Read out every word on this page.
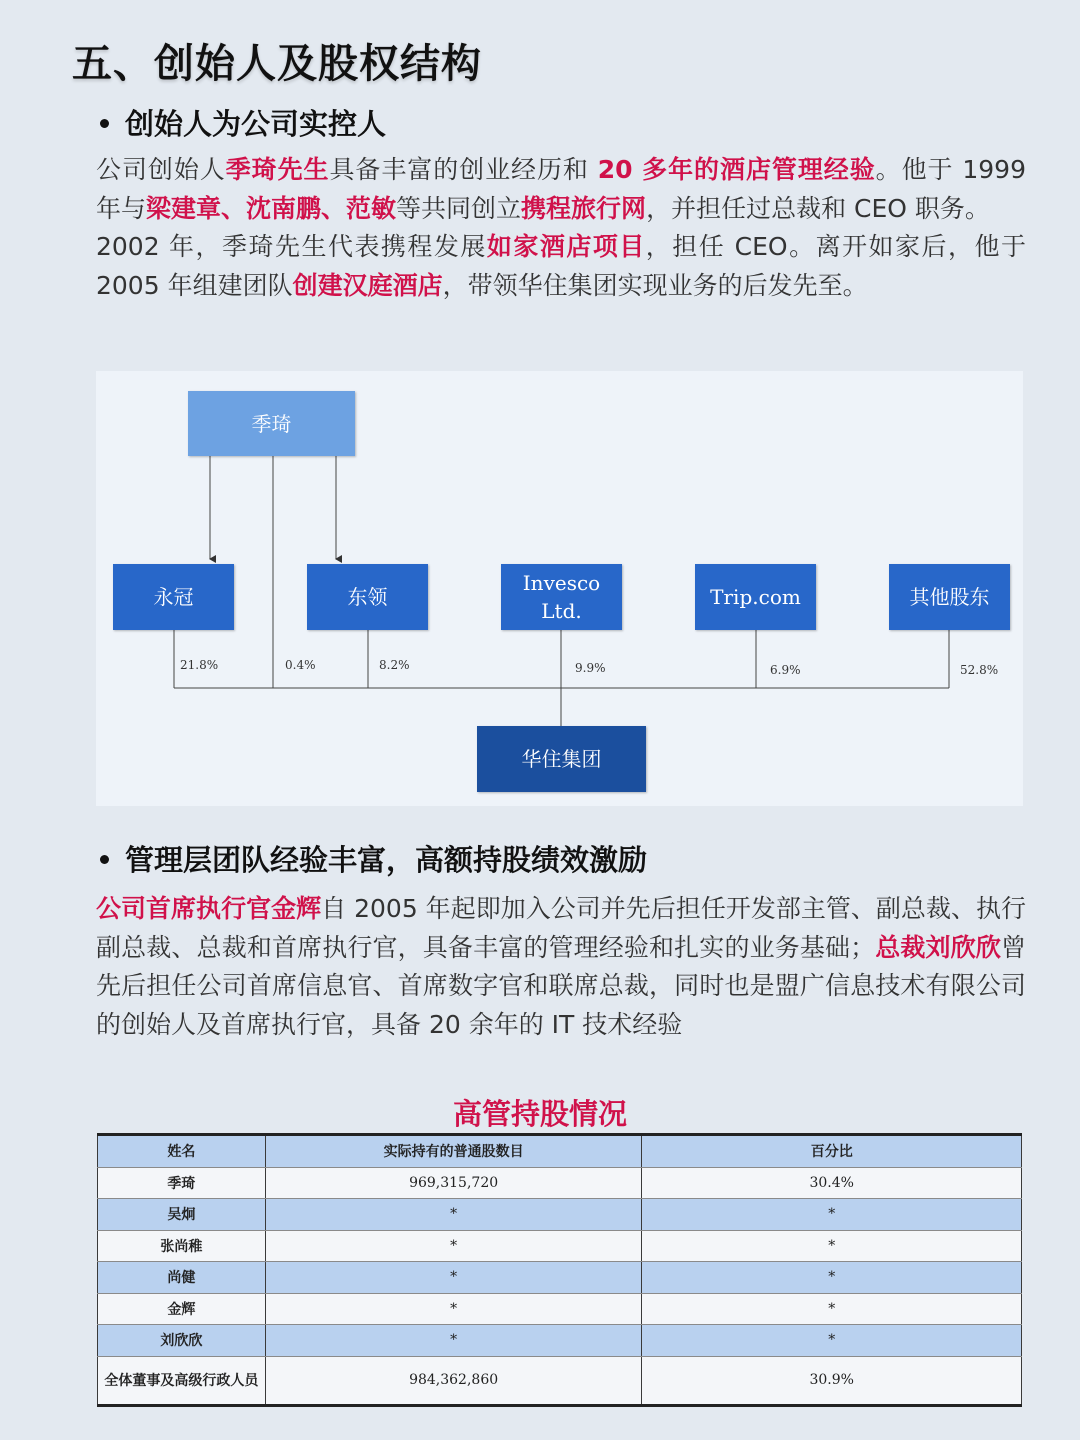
五、创始人及股权结构
创始人为公司实控人

公司创始人季琦先生具备丰富的创业经历和 20 多年的酒店管理经验。他于 1999 年与梁建章、沈南鹏、范敏等共同创立携程旅行网，并担任过总裁和 CEO 职务。

2002 年，季琦先生代表携程发展如家酒店项目，担任 CEO。离开如家后，他于 2005 年组建团队创建汉庭酒店，带领华住集团实现业务的后发先至。

季琦
永冠	东领
Invesco Ltd.
Trip.com	其他股东
21.8%	0.4%	8.2%	9.9%	6.9%	52.8%
华住集团
管理层团队经验丰富，高额持股绩效激励

公司首席执行官金辉自 2005 年起即加入公司并先后担任开发部主管、副总裁、执行副总裁、总裁和首席执行官，具备丰富的管理经验和扎实的业务基础；总裁刘欣欣曾先后担任公司首席信息官、首席数字官和联席总裁，同时也是盟广信息技术有限公司的创始人及首席执行官，具备 20 余年的 IT 技术经验

高管持股情况
姓名	实际持有的普通股数目	百分比
季琦	969,315,720	30.4%
吴炯	*	*
张尚稚	*	*
尚健	*	*
金辉	*	*
刘欣欣	*	*
全体董事及高级行政人员	984,362,860	30.9%
